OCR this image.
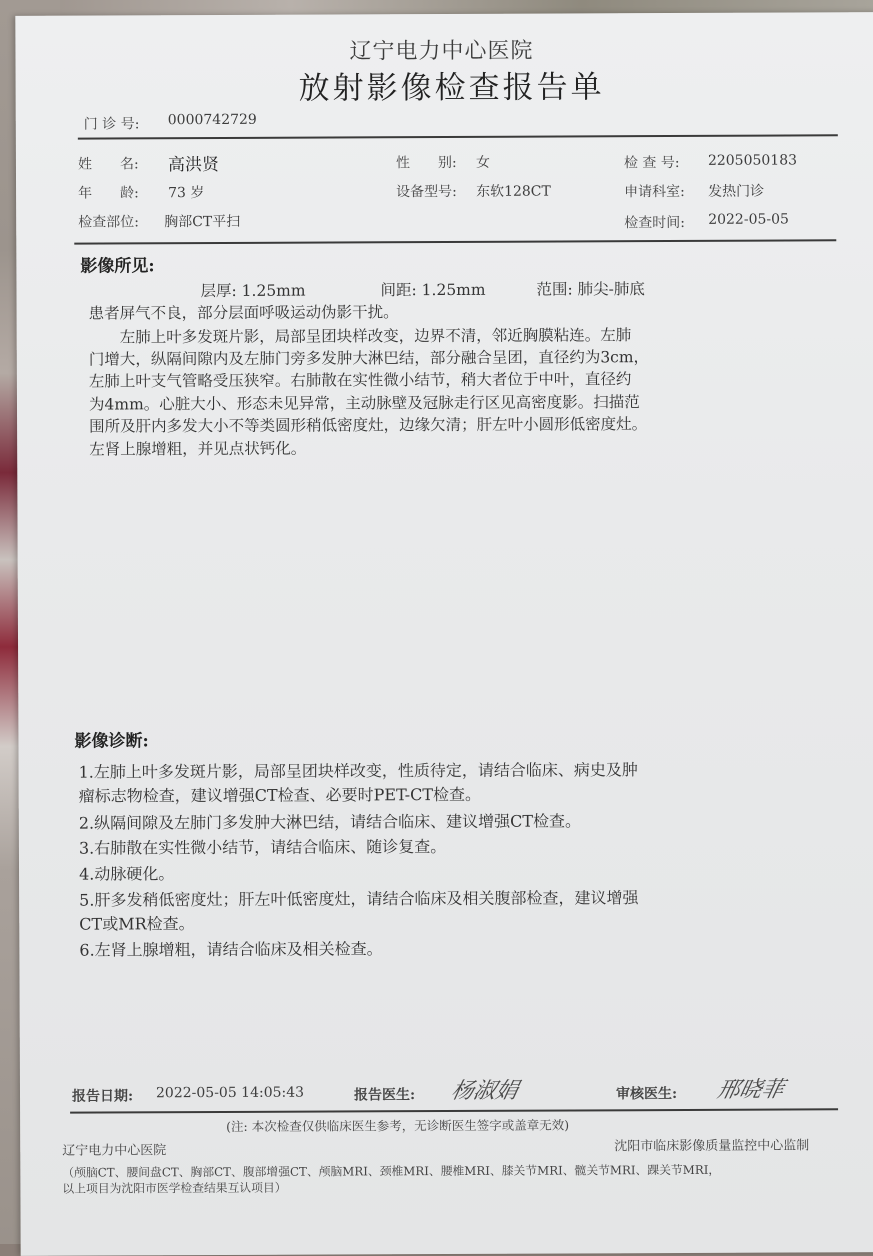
辽宁电力中心医院
放射影像检查报告单
门 诊 号: 0000742729
姓　　名: 高洪贤	性　　别: 女	检 查 号: 2205050183
年　　龄: 73 岁	设备型号: 东软128CT	申请科室: 发热门诊
检查部位: 胸部CT平扫	检查时间: 2022-05-05
影像所见:
层厚: 1.25mm	间距: 1.25mm	范围: 肺尖-肺底
患者屏气不良，部分层面呼吸运动伪影干扰。
　　左肺上叶多发斑片影，局部呈团块样改变，边界不清，邻近胸膜粘连。左肺
门增大，纵隔间隙内及左肺门旁多发肿大淋巴结，部分融合呈团，直径约为3cm，
左肺上叶支气管略受压狭窄。右肺散在实性微小结节，稍大者位于中叶，直径约
为4mm。心脏大小、形态未见异常，主动脉壁及冠脉走行区见高密度影。扫描范
围所及肝内多发大小不等类圆形稍低密度灶，边缘欠清；肝左叶小圆形低密度灶。
左肾上腺增粗，并见点状钙化。
影像诊断:
1.左肺上叶多发斑片影，局部呈团块样改变，性质待定，请结合临床、病史及肿
瘤标志物检查，建议增强CT检查、必要时PET-CT检查。
2.纵隔间隙及左肺门多发肿大淋巴结，请结合临床、建议增强CT检查。
3.右肺散在实性微小结节，请结合临床、随诊复查。
4.动脉硬化。
5.肝多发稍低密度灶；肝左叶低密度灶，请结合临床及相关腹部检查，建议增强
CT或MR检查。
6.左肾上腺增粗，请结合临床及相关检查。
报告日期: 2022-05-05 14:05:43	报告医生: 杨淑娟	审核医生: 邢晓菲
(注: 本次检查仅供临床医生参考，无诊断医生签字或盖章无效)
辽宁电力中心医院	沈阳市临床影像质量监控中心监制
（颅脑CT、腰间盘CT、胸部CT、腹部增强CT、颅脑MRI、颈椎MRI、腰椎MRI、膝关节MRI、髋关节MRI、踝关节MRI，
以上项目为沈阳市医学检查结果互认项目）
